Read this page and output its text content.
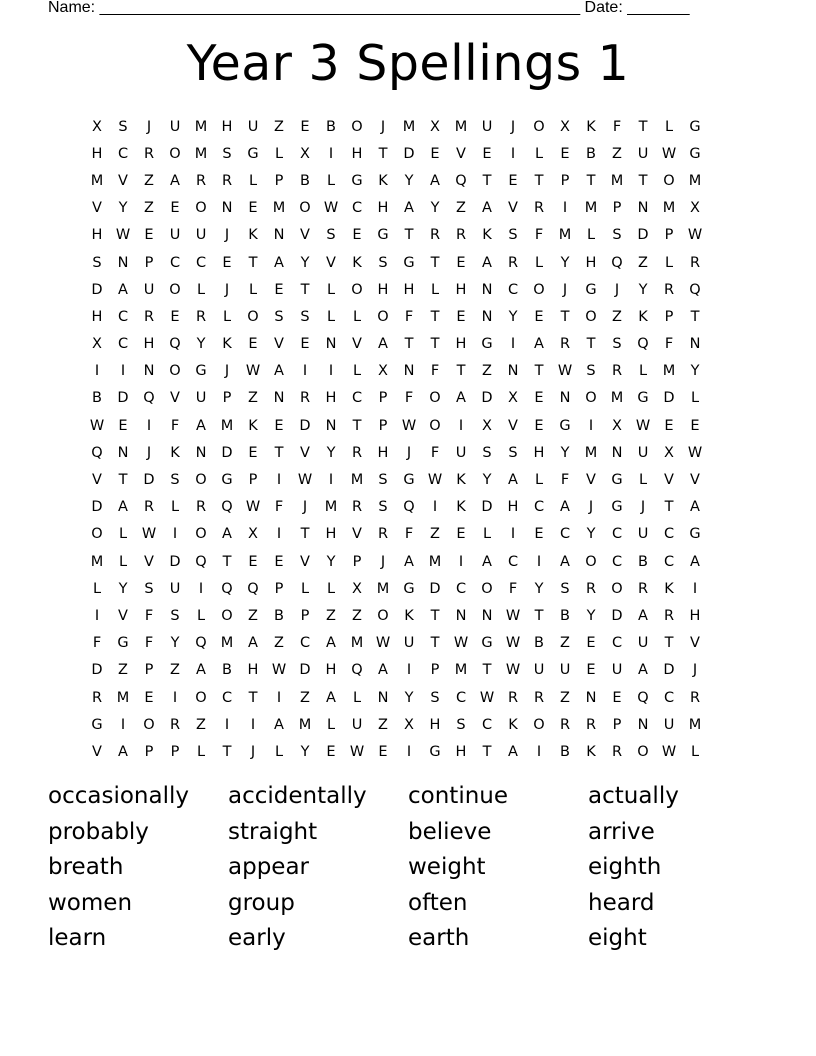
Name: ______________________________________________________ Date: _______
Year 3 Spellings 1
X	S	J	U M H	U	Z	E	B	O	J	M	X	M U	J	O	X	K	F	T	L	G
H	C	R	O M	S	G	L	X	I	H	T	D	E	V	E	I	L	E	B	Z	U W G
M	V	Z	A	R	R	L	P	B	L	G	K	Y	A	Q	T	E	T	P	T	M	T	O M
V	Y	Z	E	O	N	E	M O W C	H	A	Y	Z	A	V	R	I	M	P	N M	X
H W E	U	U	J	K	N	V	S	E	G	T	R	R	K	S	F	M	L	S	D	P W
S	N	P	C	C	E	T	A	Y	V	K	S	G	T	E	A	R	L	Y	H	Q	Z	L	R
D	A	U	O	L	J	L	E	T	L	O	H	H	L	H	N	C	O	J	G	J	Y	R	Q
H	C	R	E	R	L	O	S	S	L	L	O	F	T	E	N	Y	E	T	O	Z	K	P	T
X	C	H	Q	Y	K	E	V	E	N	V	A	T	T	H	G	I	A	R	T	S	Q	F	N
I	I	N	O	G	J	W A	I	I	L	X	N	F	T	Z	N	T W S	R	L	M	Y
B	D	Q	V	U	P	Z	N	R	H	C	P	F	O	A	D	X	E	N	O M G	D	L
W E	I	F	A	M	K	E	D	N	T	P W O	I	X	V	E	G	I	X W E	E
Q	N	J	K	N	D	E	T	V	Y	R	H	J	F	U	S	S	H	Y	M N	U	X W
V	T	D	S	O	G	P	I	W	I	M	S	G W K	Y	A	L	F	V	G	L	V	V
D	A	R	L	R	Q W	F	J	M	R	S	Q	I	K	D	H	C	A	J	G	J	T	A
O	L	W	I	O	A	X	I	T	H	V	R	F	Z	E	L	I	E	C	Y	C	U	C	G
M	L	V	D	Q	T	E	E	V	Y	P	J	A	M	I	A	C	I	A	O	C	B	C	A
L	Y	S	U	I	Q	Q	P	L	L	X	M G	D	C	O	F	Y	S	R	O	R	K	I
I	V	F	S	L	O	Z	B	P	Z	Z	O	K	T	N	N W T	B	Y	D	A	R	H
F	G	F	Y	Q M	A	Z	C	A	M W U	T W G W B	Z	E	C	U	T	V
D	Z	P	Z	A	B	H W D	H	Q	A	I	P	M	T W U	U	E	U	A	D	J
R	M	E	I	O	C	T	I	Z	A	L	N	Y	S	C W R	R	Z	N	E	Q	C	R
G	I	O	R	Z	I	I	A	M	L	U	Z	X	H	S	C	K	O	R	R	P	N	U M
V	A	P	P	L	T	J	L	Y	E W E	I	G	H	T	A	I	B	K	R	O W	L
occasionally	accidentally	continue	actually
probably	straight	believe	arrive
breath	appear	weight	eighth
women	group	often	heard
learn	early	earth	eight
